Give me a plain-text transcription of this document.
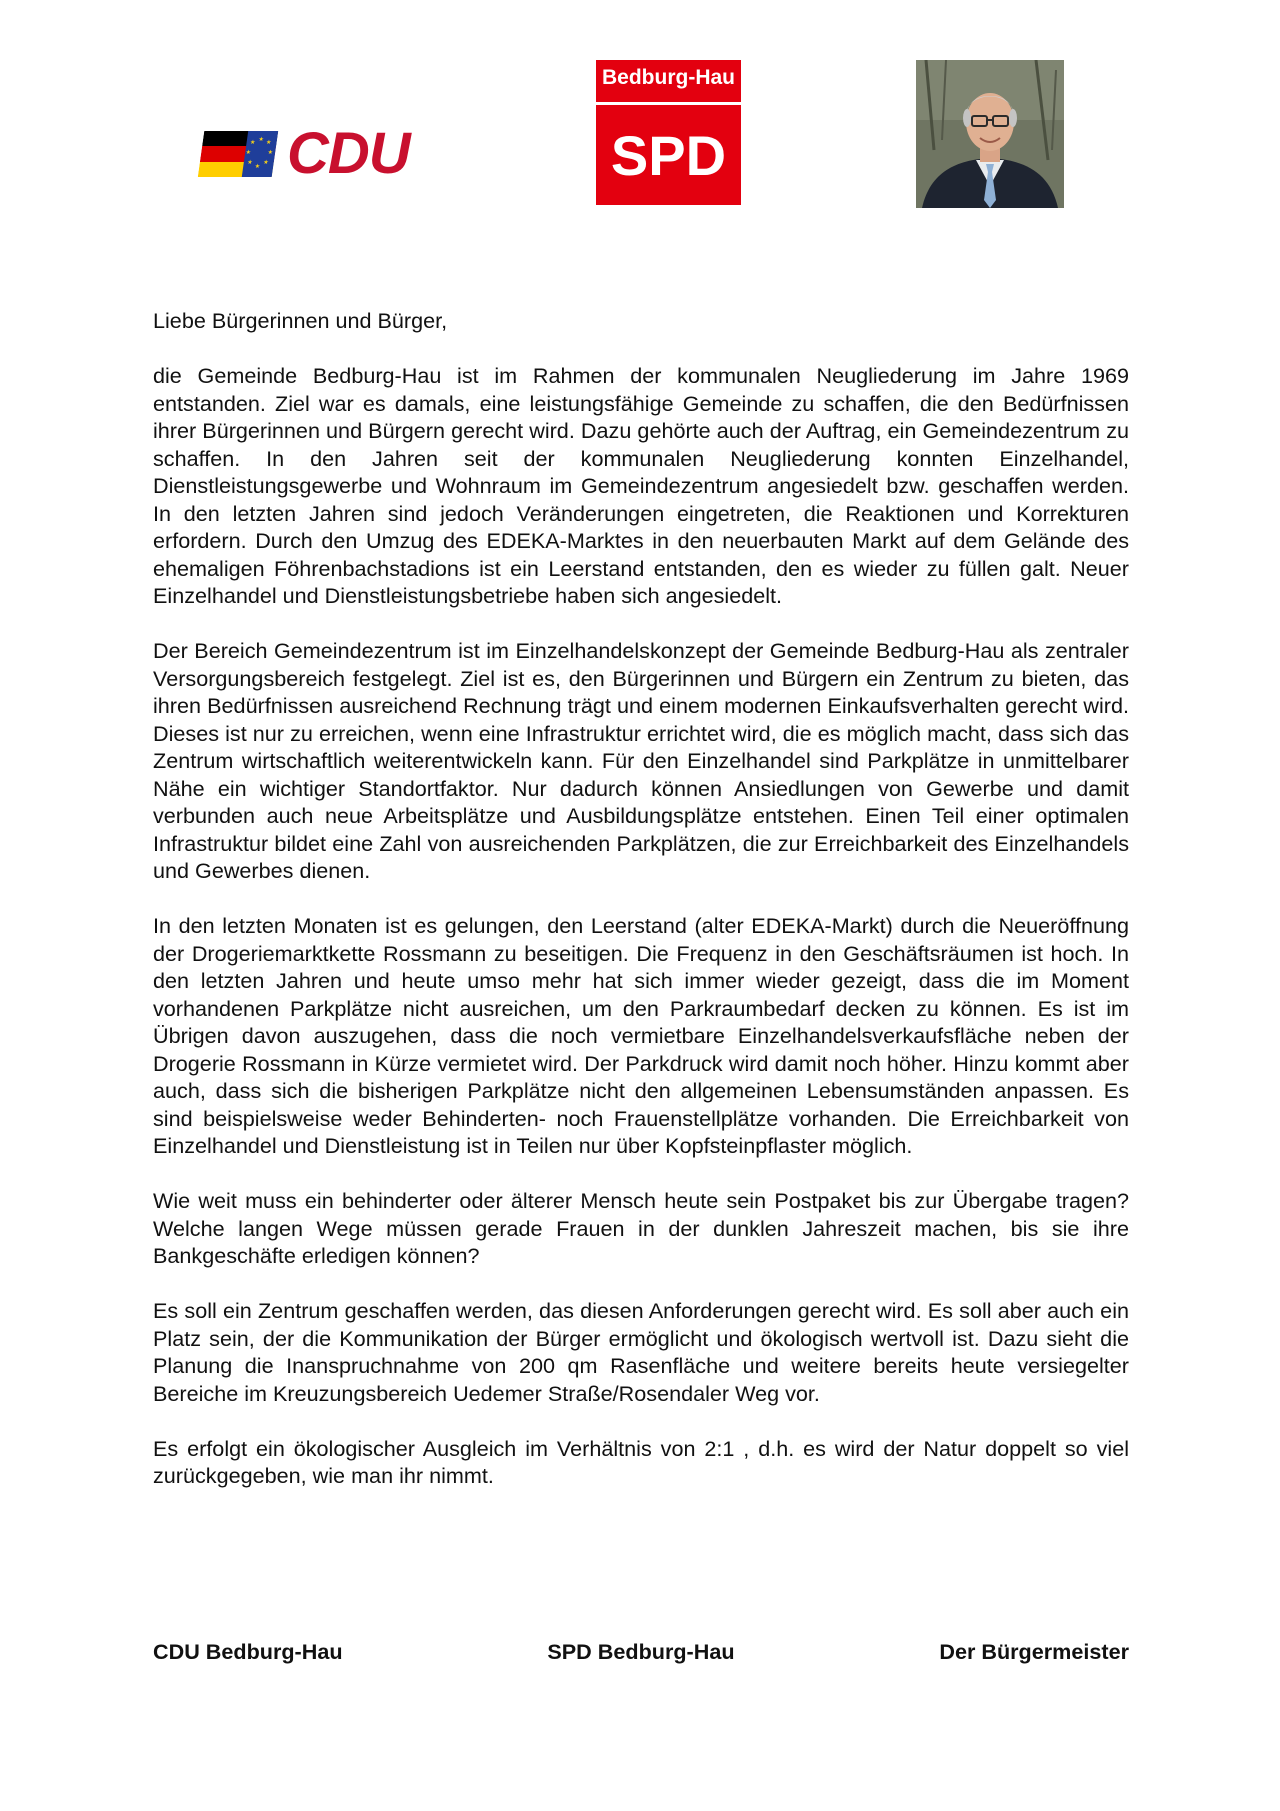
★ ★
★
★
★
★
★
★ CDU
Bedburg-Hau
SPD

Liebe Bürgerinnen und Bürger,

die Gemeinde Bedburg-Hau ist im Rahmen der kommunalen Neugliederung im Jahre 1969 entstanden. Ziel war es damals, eine leistungsfähige Gemeinde zu schaffen, die den Bedürfnissen ihrer Bürgerinnen und Bürgern gerecht wird. Dazu gehörte auch der Auftrag, ein Gemeindezentrum zu schaffen. In den Jahren seit der kommunalen Neugliederung konnten Einzelhandel, Dienstleistungsgewerbe und Wohnraum im Gemeindezentrum angesiedelt bzw. geschaffen werden. In den letzten Jahren sind jedoch Veränderungen eingetreten, die Reaktionen und Korrekturen erfordern. Durch den Umzug des EDEKA-Marktes in den neuerbauten Markt auf dem Gelände des ehemaligen Föhrenbachstadions ist ein Leerstand entstanden, den es wieder zu füllen galt. Neuer Einzelhandel und Dienstleistungsbetriebe haben sich angesiedelt.

Der Bereich Gemeindezentrum ist im Einzelhandelskonzept der Gemeinde Bedburg-Hau als zentraler Versorgungsbereich festgelegt. Ziel ist es, den Bürgerinnen und Bürgern ein Zentrum zu bieten, das ihren Bedürfnissen ausreichend Rechnung trägt und einem modernen Einkaufsverhalten gerecht wird. Dieses ist nur zu erreichen, wenn eine Infrastruktur errichtet wird, die es möglich macht, dass sich das Zentrum wirtschaftlich weiterentwickeln kann. Für den Einzelhandel sind Parkplätze in unmittelbarer Nähe ein wichtiger Standortfaktor. Nur dadurch können Ansiedlungen von Gewerbe und damit verbunden auch neue Arbeitsplätze und Ausbildungsplätze entstehen. Einen Teil einer optimalen Infrastruktur bildet eine Zahl von ausreichenden Parkplätzen, die zur Erreichbarkeit des Einzelhandels und Gewerbes dienen.

In den letzten Monaten ist es gelungen, den Leerstand (alter EDEKA-Markt) durch die Neueröffnung der Drogeriemarktkette Rossmann zu beseitigen. Die Frequenz in den Geschäftsräumen ist hoch. In den letzten Jahren und heute umso mehr hat sich immer wieder gezeigt, dass die im Moment vorhandenen Parkplätze nicht ausreichen, um den Parkraumbedarf decken zu können. Es ist im Übrigen davon auszugehen, dass die noch vermietbare Einzelhandelsverkaufsfläche neben der Drogerie Rossmann in Kürze vermietet wird. Der Parkdruck wird damit noch höher. Hinzu kommt aber auch, dass sich die bisherigen Parkplätze nicht den allgemeinen Lebensumständen anpassen. Es sind beispielsweise weder Behinderten- noch Frauenstellplätze vorhanden. Die Erreichbarkeit von Einzelhandel und Dienstleistung ist in Teilen nur über Kopfsteinpflaster möglich.

Wie weit muss ein behinderter oder älterer Mensch heute sein Postpaket bis zur Übergabe tragen? Welche langen Wege müssen gerade Frauen in der dunklen Jahreszeit machen, bis sie ihre Bankgeschäfte erledigen können?

Es soll ein Zentrum geschaffen werden, das diesen Anforderungen gerecht wird. Es soll aber auch ein Platz sein, der die Kommunikation der Bürger ermöglicht und ökologisch wertvoll ist. Dazu sieht die Planung die Inanspruchnahme von 200 qm Rasenfläche und weitere bereits heute versiegelter Bereiche im Kreuzungsbereich Uedemer Straße/Rosendaler Weg vor.

Es erfolgt ein ökologischer Ausgleich im Verhältnis von 2:1 , d.h. es wird der Natur doppelt so viel zurückgegeben, wie man ihr nimmt.

CDU Bedburg-Hau	SPD Bedburg-Hau	Der Bürgermeister
